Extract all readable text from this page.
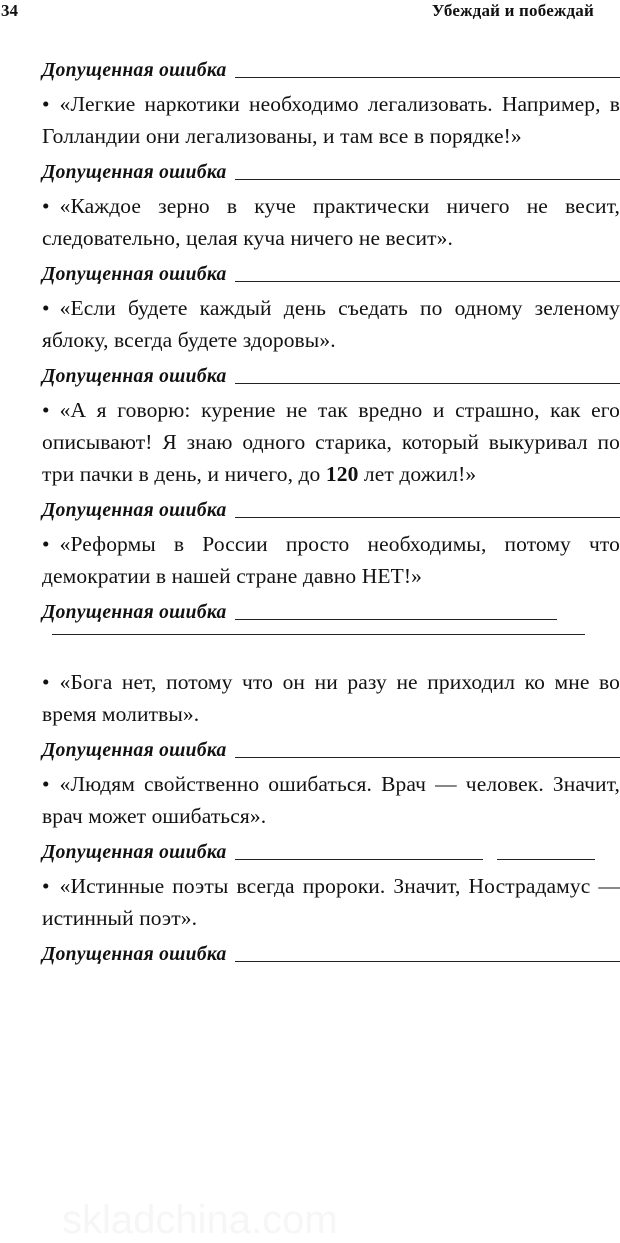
34	Убеждай и побеждай
Допущенная ошибка

• «Легкие наркотики необходимо легализовать. Например, в Голландии они легализованы, и там все в порядке!»

Допущенная ошибка

• «Каждое зерно в куче практически ничего не весит, следовательно, целая куча ничего не весит».

Допущенная ошибка

• «Если будете каждый день съедать по одному зеленому яблоку, всегда будете здоровы».

Допущенная ошибка

• «А я говорю: курение не так вредно и страшно, как его описывают! Я знаю одного старика, который выкуривал по три пачки в день, и ничего, до 120 лет дожил!»

Допущенная ошибка

• «Реформы в России просто необходимы, потому что демократии в нашей стране давно НЕТ!»

Допущенная ошибка

• «Бога нет, потому что он ни разу не приходил ко мне во время молитвы».

Допущенная ошибка

• «Людям свойственно ошибаться. Врач — человек. Значит, врач может ошибаться».

Допущенная ошибка

• «Истинные поэты всегда пророки. Значит, Нострадамус — истинный поэт».

Допущенная ошибка
skladchina.com
